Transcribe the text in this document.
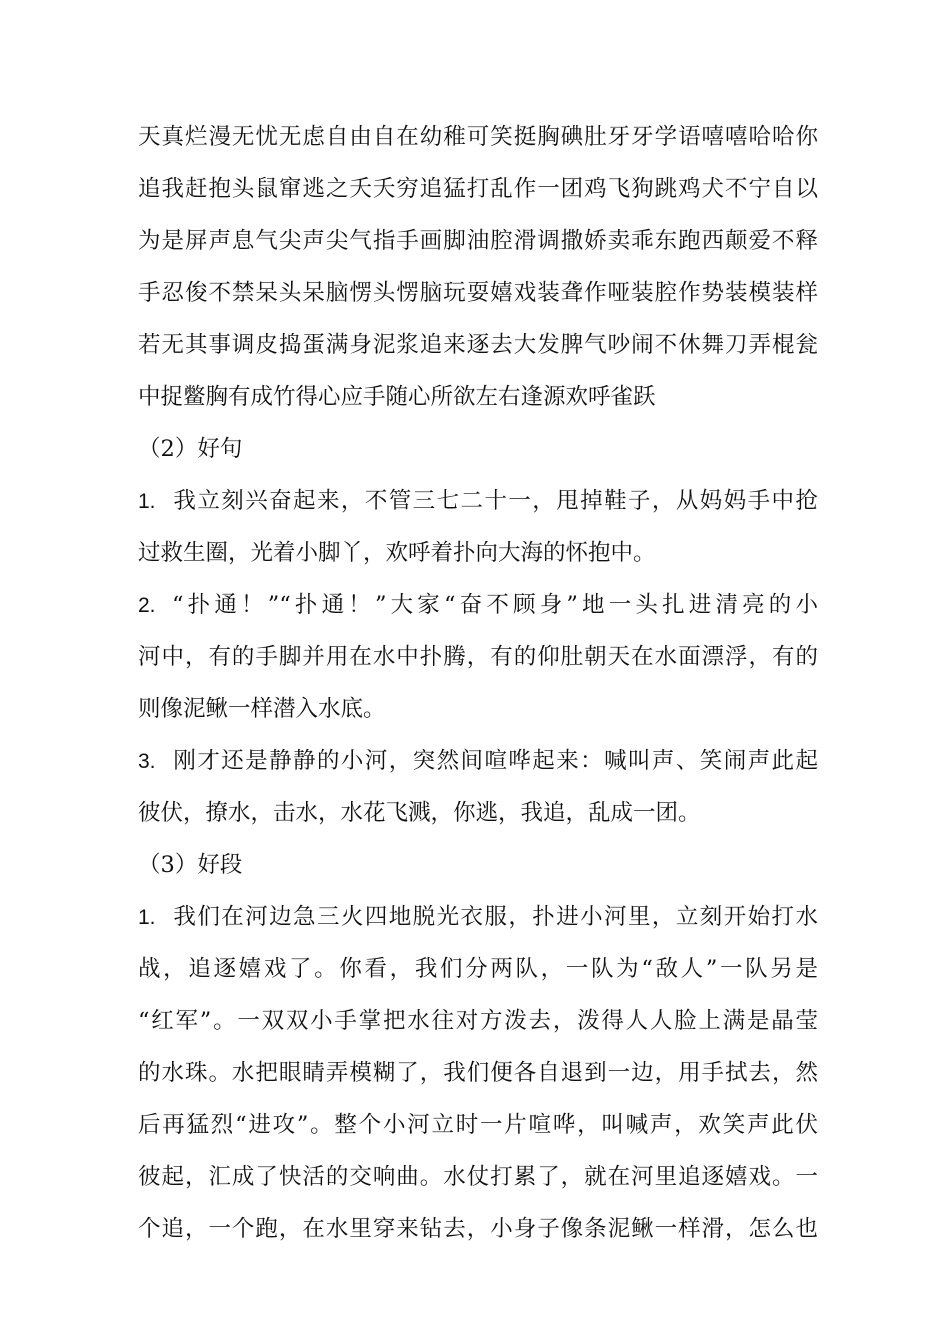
天真烂漫无忧无虑自由自在幼稚可笑挺胸碘肚牙牙学语嘻嘻哈哈你
追我赶抱头鼠窜逃之夭夭穷追猛打乱作一团鸡飞狗跳鸡犬不宁自以
为是屏声息气尖声尖气指手画脚油腔滑调撒娇卖乖东跑西颠爱不释
手忍俊不禁呆头呆脑愣头愣脑玩耍嬉戏装聋作哑装腔作势装模装样
若无其事调皮捣蛋满身泥浆追来逐去大发脾气吵闹不休舞刀弄棍瓮
中捉鳖胸有成竹得心应手随心所欲左右逢源欢呼雀跃
（2）好句
1. 我立刻兴奋起来，不管三七二十一，甩掉鞋子，从妈妈手中抢
过救生圈，光着小脚丫，欢呼着扑向大海的怀抱中。
2. “扑通！”“扑通！”大家“奋不顾身”地一头扎进清亮的小
河中，有的手脚并用在水中扑腾，有的仰肚朝天在水面漂浮，有的
则像泥鳅一样潜入水底。
3. 刚才还是静静的小河，突然间喧哗起来：喊叫声、笑闹声此起
彼伏，撩水，击水，水花飞溅，你逃，我追，乱成一团。
（3）好段
1. 我们在河边急三火四地脱光衣服，扑进小河里，立刻开始打水
战，追逐嬉戏了。你看，我们分两队，一队为“敌人”一队另是
“红军”。一双双小手掌把水往对方泼去，泼得人人脸上满是晶莹
的水珠。水把眼睛弄模糊了，我们便各自退到一边，用手拭去，然
后再猛烈“进攻”。整个小河立时一片喧哗，叫喊声，欢笑声此伏
彼起，汇成了快活的交响曲。水仗打累了，就在河里追逐嬉戏。一
个追，一个跑，在水里穿来钻去，小身子像条泥鳅一样滑，怎么也
